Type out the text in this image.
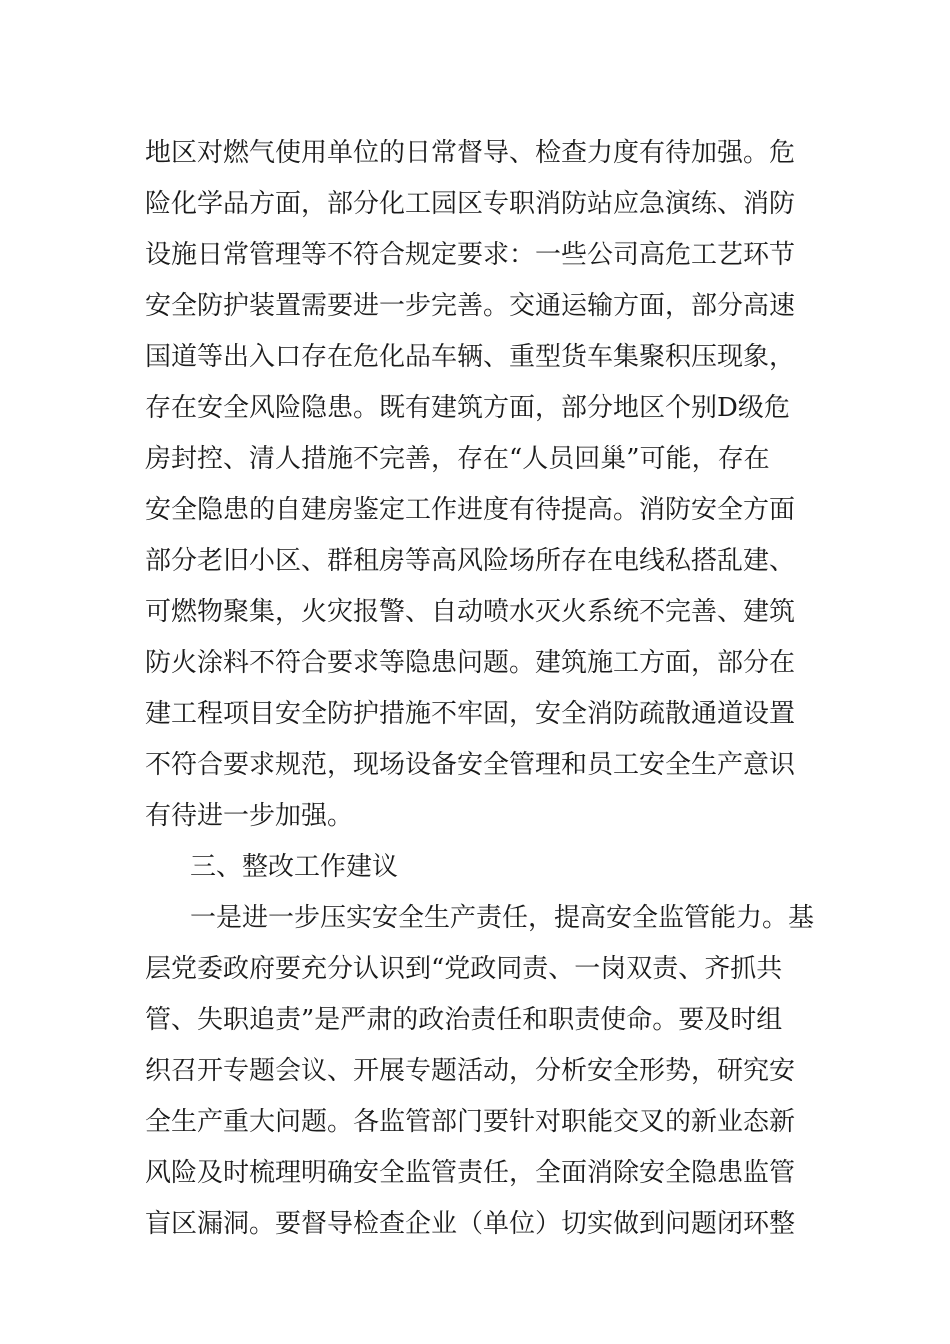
地区对燃气使用单位的日常督导、检查力度有待加强。危
险化学品方面，部分化工园区专职消防站应急演练、消防
设施日常管理等不符合规定要求：一些公司高危工艺环节
安全防护装置需要进一步完善。交通运输方面，部分高速
国道等出入口存在危化品车辆、重型货车集聚积压现象，
存在安全风险隐患。既有建筑方面，部分地区个别D级危
房封控、清人措施不完善，存在“人员回巢”可能，存在
安全隐患的自建房鉴定工作进度有待提高。消防安全方面
部分老旧小区、群租房等高风险场所存在电线私搭乱建、
可燃物聚集，火灾报警、自动喷水灭火系统不完善、建筑
防火涂料不符合要求等隐患问题。建筑施工方面，部分在
建工程项目安全防护措施不牢固，安全消防疏散通道设置
不符合要求规范，现场设备安全管理和员工安全生产意识
有待进一步加强。
三、整改工作建议
一是进一步压实安全生产责任，提高安全监管能力。基
层党委政府要充分认识到“党政同责、一岗双责、齐抓共
管、失职追责”是严肃的政治责任和职责使命。要及时组
织召开专题会议、开展专题活动，分析安全形势，研究安
全生产重大问题。各监管部门要针对职能交叉的新业态新
风险及时梳理明确安全监管责任，全面消除安全隐患监管
盲区漏洞。要督导检查企业（单位）切实做到问题闭环整
